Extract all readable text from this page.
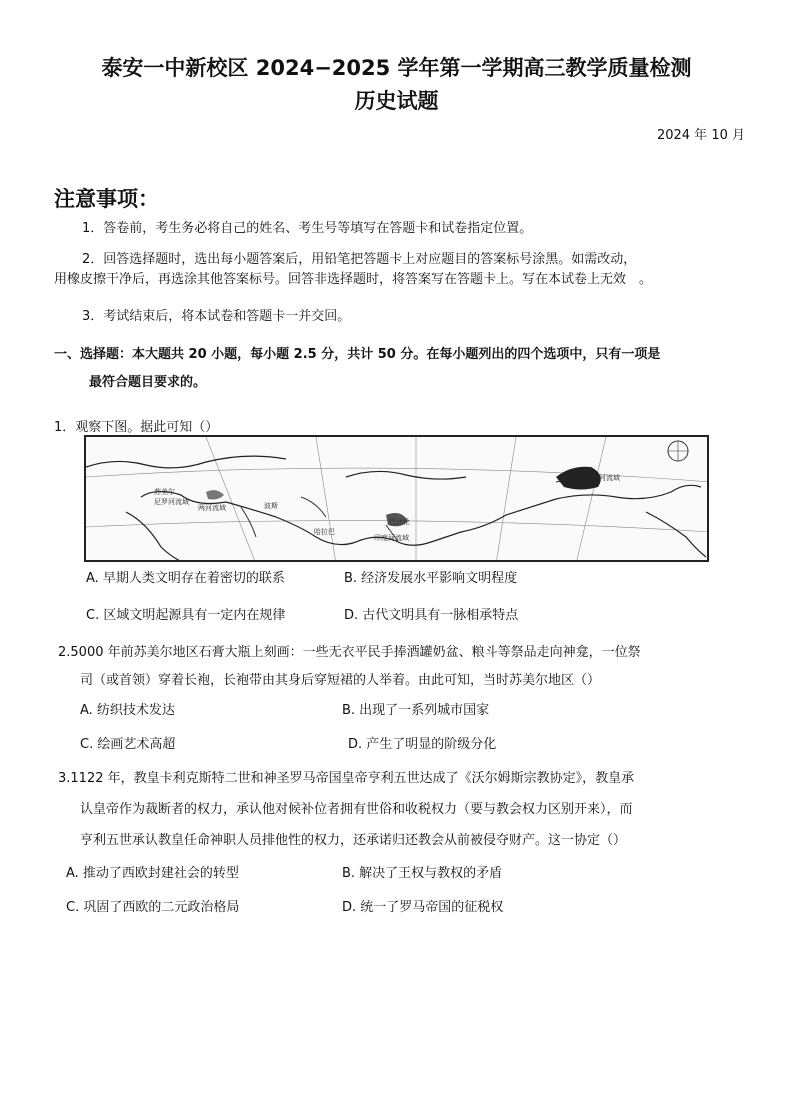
泰安一中新校区 2024−2025 学年第一学期高三教学质量检测
历史试题
2024 年 10 月
注意事项：
1．答卷前，考生务必将自己的姓名、考生号等填写在答题卡和试卷指定位置。
2．回答选择题时，选出每小题答案后，用铅笔把答题卡上对应题目的答案标号涂黑。如需改动，
用橡皮擦干净后，再选涂其他答案标号。回答非选择题时，将答案写在答题卡上。写在本试卷上无效　。
3．考试结束后，将本试卷和答题卡一并交回。
一、选择题：本大题共 20 小题，每小题 2.5 分，共计 50 分。在每小题列出的四个选项中，只有一项是
最符合题目要求的。
1．观察下图。据此可知（）
苏美尔
尼罗河流域
两河流域	波斯
哈拉巴
印度河流域
黄河流域
巴比伦
A. 早期人类文明存在着密切的联系	B. 经济发展水平影响文明程度
C. 区域文明起源具有一定内在规律	D. 古代文明具有一脉相承特点
2.5000 年前苏美尔地区石膏大瓶上刻画：一些无衣平民手捧酒罐奶盆、粮斗等祭品走向神龛，一位祭
司（或首领）穿着长袍，长袍带由其身后穿短裙的人举着。由此可知，当时苏美尔地区（）
A. 纺织技术发达	B. 出现了一系列城市国家
C. 绘画艺术高超	D. 产生了明显的阶级分化
3.1122 年，教皇卡利克斯特二世和神圣罗马帝国皇帝亨利五世达成了《沃尔姆斯宗教协定》，教皇承
认皇帝作为裁断者的权力，承认他对候补位者拥有世俗和收税权力（要与教会权力区别开来），而
亨利五世承认教皇任命神职人员排他性的权力，还承诺归还教会从前被侵夺财产。这一协定（）
A. 推动了西欧封建社会的转型	B. 解决了王权与教权的矛盾
C. 巩固了西欧的二元政治格局	D. 统一了罗马帝国的征税权
